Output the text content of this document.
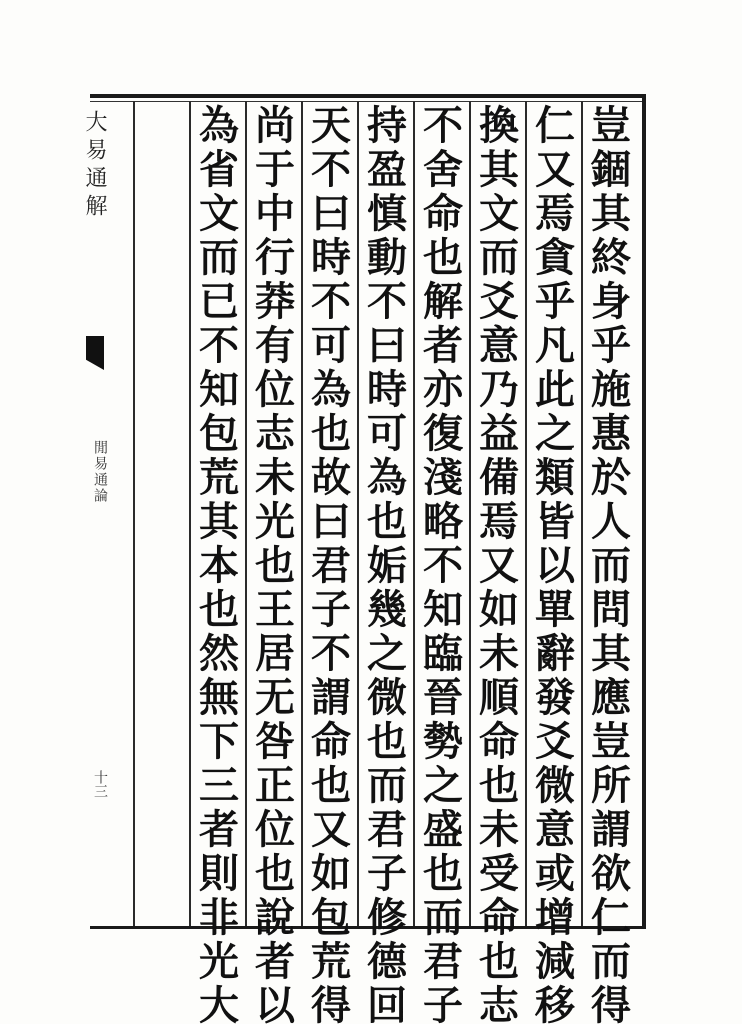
大易通解
閒易通論
十三
豈
錮
其
終
身
乎
施
惠
於
人
而
問
其
應
豈
所
謂
欲
仁
而
得
仁
又
焉
貪
乎
凡
此
之
類
皆
以
單
辭
發
爻
微
意
或
增
減
移
換
其
文
而
爻
意
乃
益
備
焉
又
如
未
順
命
也
未
受
命
也
志
不
舍
命
也
解
者
亦
復
淺
略
不
知
臨
晉
勢
之
盛
也
而
君
子
持
盈
慎
動
不
曰
時
可
為
也
姤
幾
之
微
也
而
君
子
修
德
回
天
不
曰
時
不
可
為
也
故
曰
君
子
不
謂
命
也
又
如
包
荒
得
尚
于
中
行
莽
有
位
志
未
光
也
王
居
无
咎
正
位
也
說
者
以
為
省
文
而
已
不
知
包
荒
其
本
也
然
無
下
三
者
則
非
光
大
